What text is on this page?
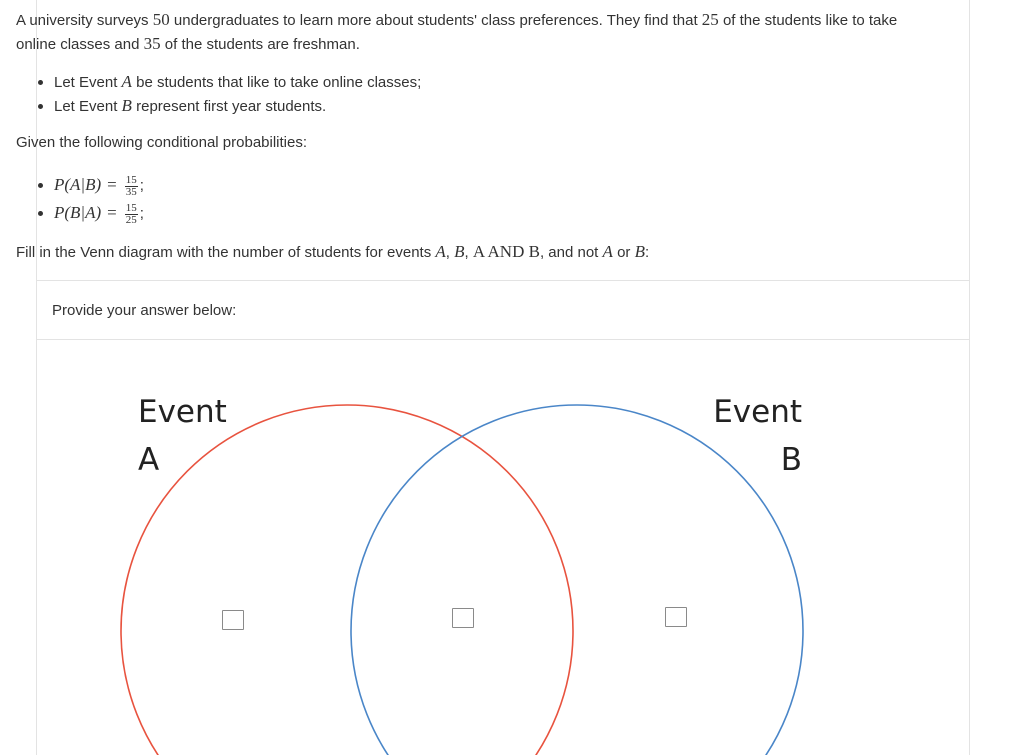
A university surveys 50 undergraduates to learn more about students' class preferences. They find that 25 of the students like to take online classes and 35 of the students are freshman.
Let Event A be students that like to take online classes;
Let Event B represent first year students.
Given the following conditional probabilities:
$P(A|B) = \frac{15}{35}$ ;
$P(B|A) = \frac{15}{25}$ ;
Fill in the Venn diagram with the number of students for events A, B, A AND B, and not A or B:
Provide your answer below:
Event
A
Event
B
